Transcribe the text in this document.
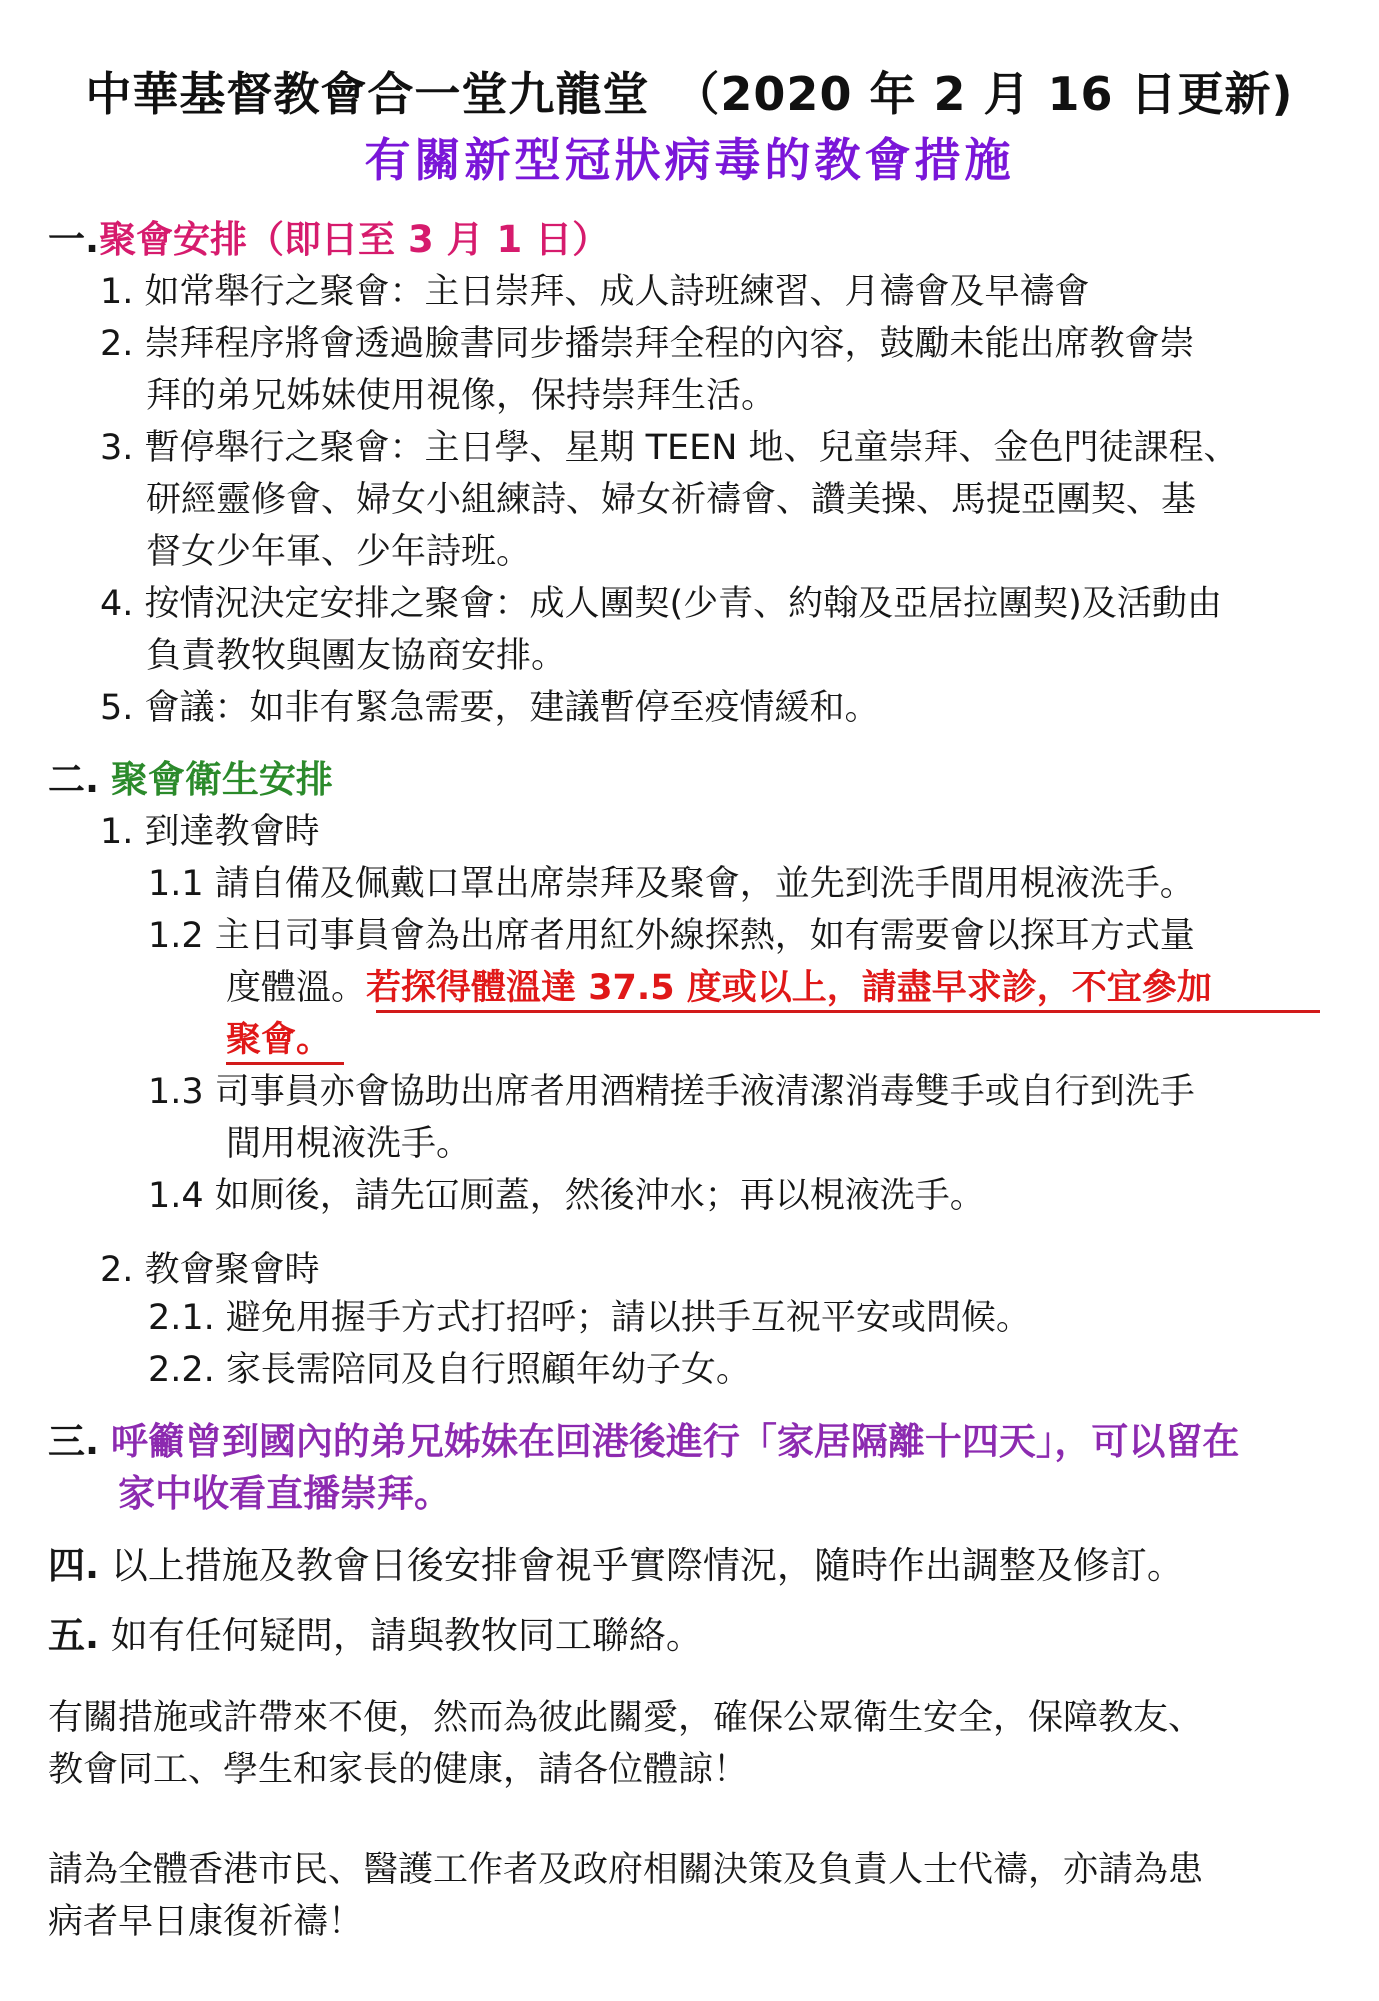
中華基督教會合一堂九龍堂　（2020 年 2 月 16 日更新)
有關新型冠狀病毒的教會措施
一.聚會安排（即日至 3 月 1 日）
1. 如常舉行之聚會：主日崇拜、成人詩班練習、月禱會及早禱會
2. 崇拜程序將會透過臉書同步播崇拜全程的內容，鼓勵未能出席教會崇
拜的弟兄姊妹使用視像，保持崇拜生活。
3. 暫停舉行之聚會：主日學、星期 TEEN 地、兒童崇拜、金色門徒課程、
研經靈修會、婦女小組練詩、婦女祈禱會、讚美操、馬提亞團契、基
督女少年軍、少年詩班。
4. 按情況決定安排之聚會：成人團契(少青、約翰及亞居拉團契)及活動由
負責教牧與團友協商安排。
5. 會議：如非有緊急需要，建議暫停至疫情緩和。
二. 聚會衛生安排
1. 到達教會時
1.1 請自備及佩戴口罩出席崇拜及聚會，並先到洗手間用梘液洗手。
1.2 主日司事員會為出席者用紅外線探熱，如有需要會以探耳方式量
度體溫。若探得體溫達 37.5 度或以上，請盡早求診，不宜參加
聚會。
1.3 司事員亦會協助出席者用酒精搓手液清潔消毒雙手或自行到洗手
間用梘液洗手。
1.4 如厠後，請先冚厠蓋，然後沖水；再以梘液洗手。
2. 教會聚會時
2.1. 避免用握手方式打招呼；請以拱手互祝平安或問候。
2.2. 家長需陪同及自行照顧年幼子女。
三. 呼籲曾到國內的弟兄姊妹在回港後進行「家居隔離十四天」，可以留在
家中收看直播崇拜。
四. 以上措施及教會日後安排會視乎實際情況，隨時作出調整及修訂。
五. 如有任何疑問，請與教牧同工聯絡。
有關措施或許帶來不便，然而為彼此關愛，確保公眾衛生安全，保障教友、
教會同工、學生和家長的健康，請各位體諒！
請為全體香港市民、醫護工作者及政府相關決策及負責人士代禱，亦請為患
病者早日康復祈禱！
